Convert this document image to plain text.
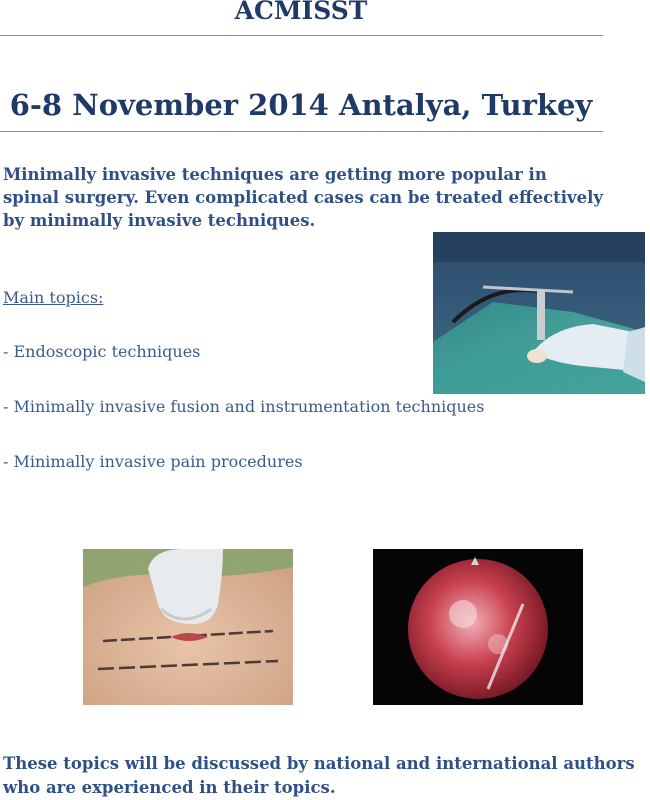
ACMISST
6-8 November 2014 Antalya, Turkey

Minimally invasive techniques are getting more popular in spinal surgery. Even complicated cases can be treated effectively by minimally invasive techniques.

Main topics:

- Endoscopic techniques

- Minimally invasive fusion and instrumentation techniques

- Minimally invasive pain procedures

These topics will be discussed by national and international authors who are experienced in their topics.
